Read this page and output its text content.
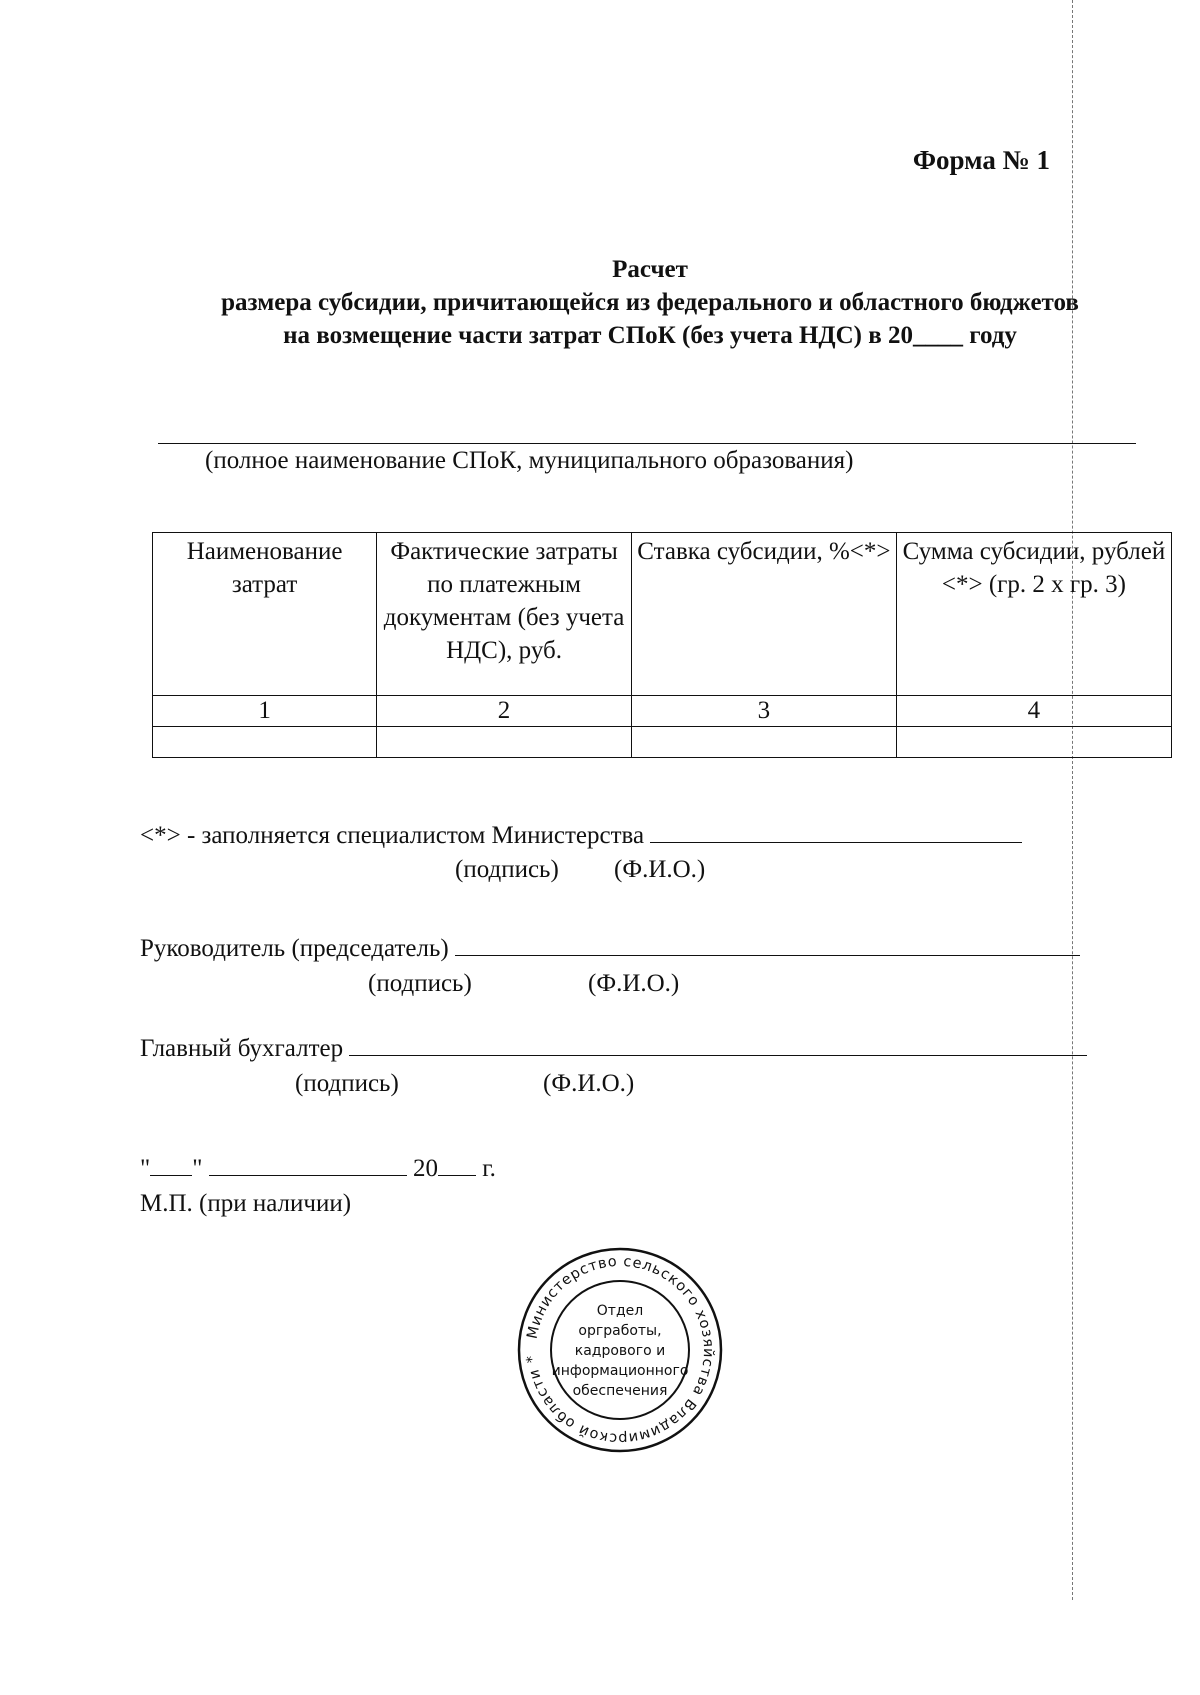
Форма № 1
Расчет
размера субсидии, причитающейся из федерального и областного бюджетов
на возмещение части затрат СПоК (без учета НДС) в 20____ году
(полное наименование СПоК, муниципального образования)
Наименование затрат	Фактические затраты по платежным документам (без учета НДС), руб.	Ставка субсидии, %<*>	Сумма субсидии, рублей <*> (гр. 2 х гр. 3)
1	2	3	4

<*> - заполняется специалистом Министерства
(подпись) (Ф.И.О.)
Руководитель (председатель)
(подпись)	(Ф.И.О.)
Главный бухгалтер
(подпись)	(Ф.И.О.)
" "	20 г.
М.П. (при наличии)
Министерство сельского хозяйства Владимирской области *
Отдел
оргработы,
кадрового и
информационного
обеспечения
